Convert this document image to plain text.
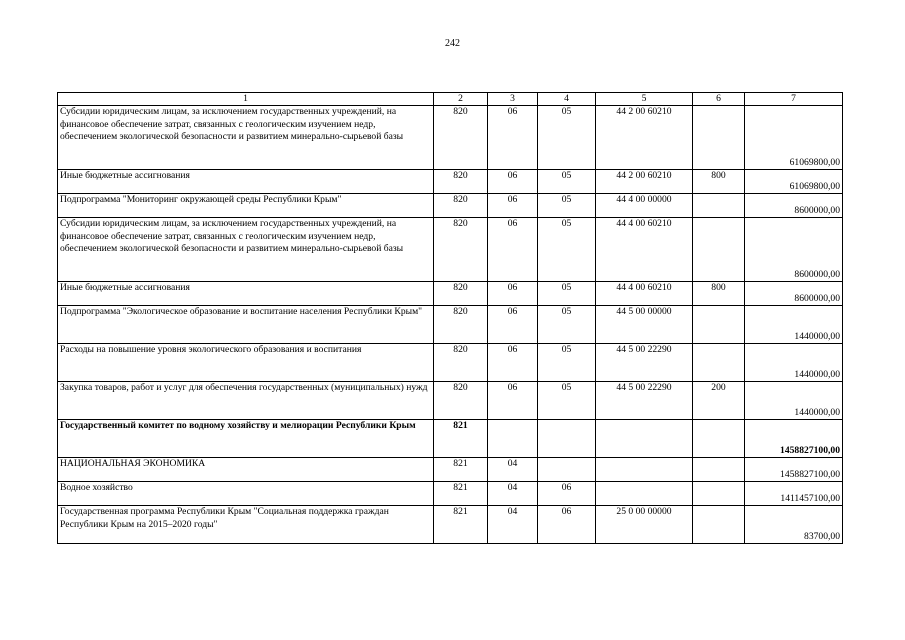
242
1	2	3	4	5	6	7
Субсидии юридическим лицам, за исключением государственных учреждений, на финансовое обеспечение затрат, связанных с геологическим изучением недр, обеспечением экологической безопасности и развитием минерально-сырьевой базы	820	06	05	44 2 00 60210		61069800,00
Иные бюджетные ассигнования	820	06	05	44 2 00 60210	800	61069800,00
Подпрограмма "Мониторинг окружающей среды Республики Крым"	820	06	05	44 4 00 00000		8600000,00
Субсидии юридическим лицам, за исключением государственных учреждений, на финансовое обеспечение затрат, связанных с геологическим изучением недр, обеспечением экологической безопасности и развитием минерально-сырьевой базы	820	06	05	44 4 00 60210		8600000,00
Иные бюджетные ассигнования	820	06	05	44 4 00 60210	800	8600000,00
Подпрограмма "Экологическое образование и воспитание населения Республики Крым"	820	06	05	44 5 00 00000		1440000,00
Расходы на повышение уровня экологического образования и воспитания	820	06	05	44 5 00 22290		1440000,00
Закупка товаров, работ и услуг для обеспечения государственных (муниципальных) нужд	820	06	05	44 5 00 22290	200	1440000,00
Государственный комитет по водному хозяйству и мелиорации Республики Крым	821					1458827100,00
НАЦИОНАЛЬНАЯ ЭКОНОМИКА	821	04				1458827100,00
Водное хозяйство	821	04	06			1411457100,00
Государственная программа Республики Крым "Социальная поддержка граждан Республики Крым на 2015–2020 годы"	821	04	06	25 0 00 00000		83700,00
